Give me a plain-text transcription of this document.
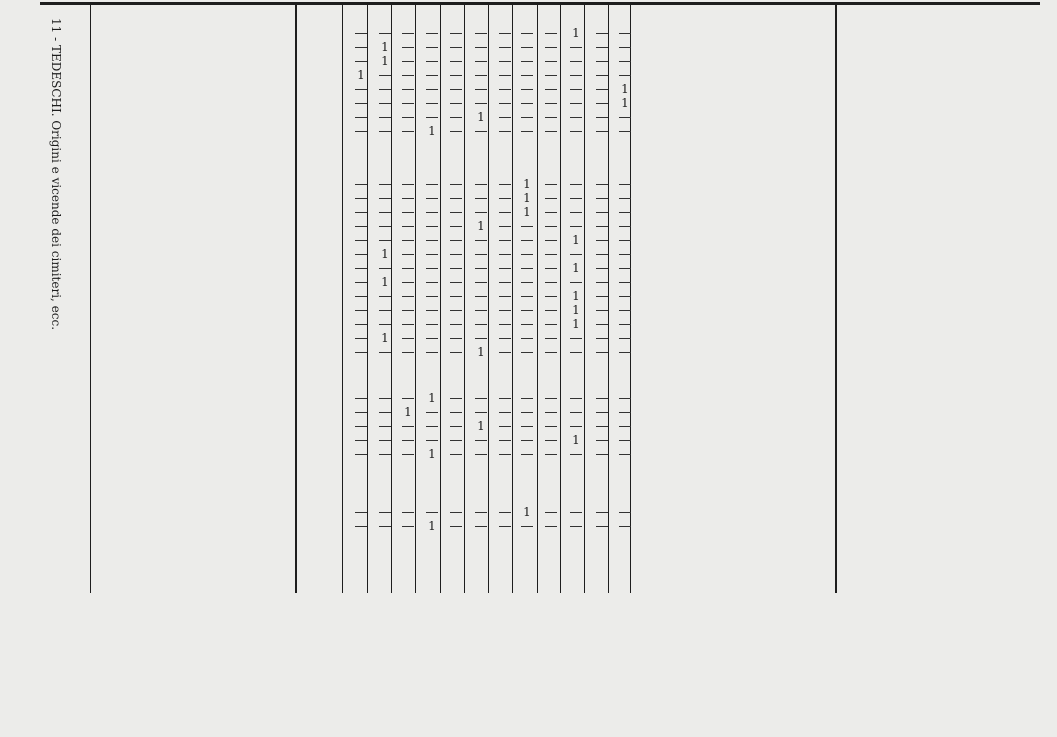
11 - TEDESCHI. Origini e vicende dei cimiteri, ecc.	1
1
1
1
1
1
1
1
1
1
1
1
1
1
1
1
1
1
1
1
1
1
1
1
1
1
1
1
